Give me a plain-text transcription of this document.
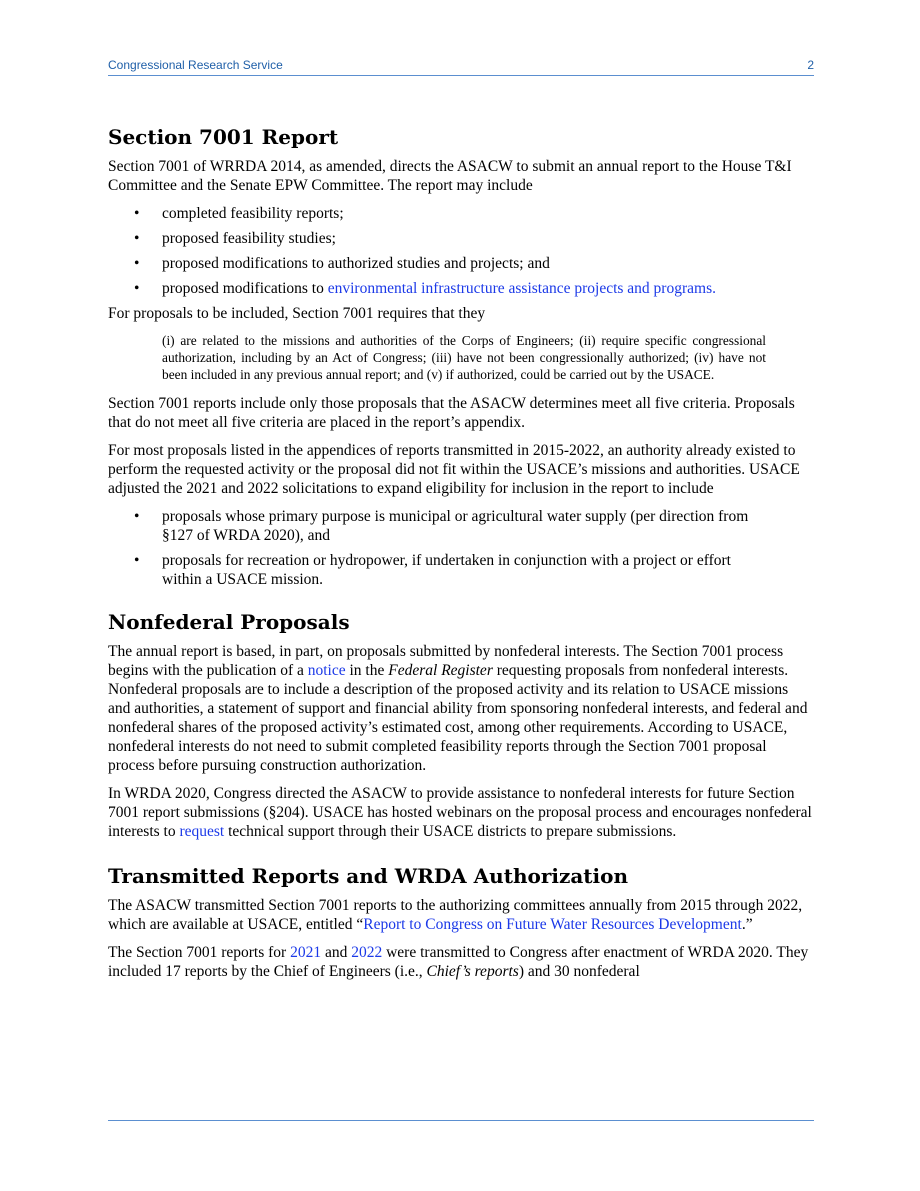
Congressional Research Service	2
Section 7001 Report

Section 7001 of WRRDA 2014, as amended, directs the ASACW to submit an annual report to the House T&I Committee and the Senate EPW Committee. The report may include

• completed feasibility reports;
• proposed feasibility studies;
• proposed modifications to authorized studies and projects; and
• proposed modifications to environmental infrastructure assistance projects and programs.

For proposals to be included, Section 7001 requires that they

(i) are related to the missions and authorities of the Corps of Engineers; (ii) require specific congressional authorization, including by an Act of Congress; (iii) have not been congressionally authorized; (iv) have not been included in any previous annual report; and (v) if authorized, could be carried out by the USACE.

Section 7001 reports include only those proposals that the ASACW determines meet all five criteria. Proposals that do not meet all five criteria are placed in the report’s appendix.

For most proposals listed in the appendices of reports transmitted in 2015-2022, an authority already existed to perform the requested activity or the proposal did not fit within the USACE’s missions and authorities. USACE adjusted the 2021 and 2022 solicitations to expand eligibility for inclusion in the report to include

• proposals whose primary purpose is municipal or agricultural water supply (per direction from §127 of WRDA 2020), and
• proposals for recreation or hydropower, if undertaken in conjunction with a project or effort within a USACE mission.
Nonfederal Proposals

The annual report is based, in part, on proposals submitted by nonfederal interests. The Section 7001 process begins with the publication of a notice in the Federal Register requesting proposals from nonfederal interests. Nonfederal proposals are to include a description of the proposed activity and its relation to USACE missions and authorities, a statement of support and financial ability from sponsoring nonfederal interests, and federal and nonfederal shares of the proposed activity’s estimated cost, among other requirements. According to USACE, nonfederal interests do not need to submit completed feasibility reports through the Section 7001 proposal process before pursuing construction authorization.

In WRDA 2020, Congress directed the ASACW to provide assistance to nonfederal interests for future Section 7001 report submissions (§204). USACE has hosted webinars on the proposal process and encourages nonfederal interests to request technical support through their USACE districts to prepare submissions.

Transmitted Reports and WRDA Authorization

The ASACW transmitted Section 7001 reports to the authorizing committees annually from 2015 through 2022, which are available at USACE, entitled “Report to Congress on Future Water Resources Development.”

The Section 7001 reports for 2021 and 2022 were transmitted to Congress after enactment of WRDA 2020. They included 17 reports by the Chief of Engineers (i.e., Chief’s reports) and 30 nonfederal
